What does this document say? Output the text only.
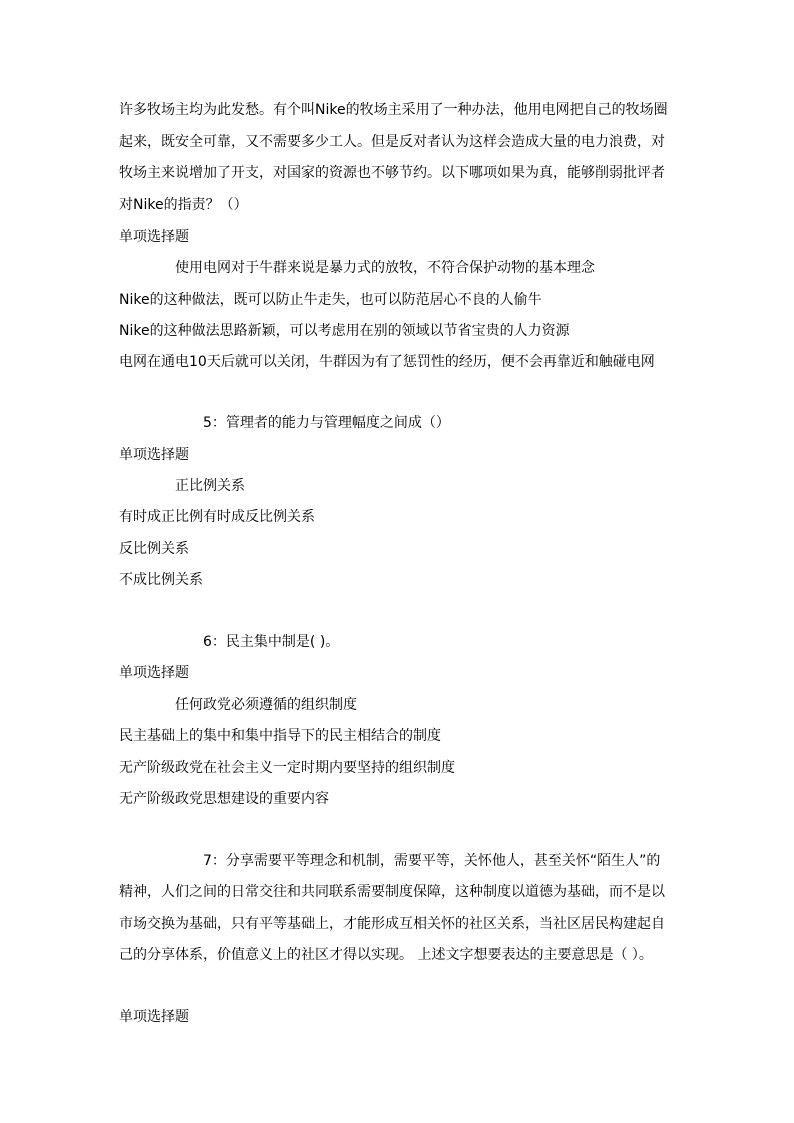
许多牧场主均为此发愁。有个叫Nike的牧场主采用了一种办法，他用电网把自己的牧场圈
起来，既安全可靠，又不需要多少工人。但是反对者认为这样会造成大量的电力浪费，对
牧场主来说增加了开支，对国家的资源也不够节约。以下哪项如果为真，能够削弱批评者
对Nike的指责？（）
单项选择题
使用电网对于牛群来说是暴力式的放牧，不符合保护动物的基本理念
Nike的这种做法，既可以防止牛走失，也可以防范居心不良的人偷牛
Nike的这种做法思路新颖，可以考虑用在别的领域以节省宝贵的人力资源
电网在通电10天后就可以关闭，牛群因为有了惩罚性的经历，便不会再靠近和触碰电网
5：管理者的能力与管理幅度之间成（）
单项选择题
正比例关系
有时成正比例有时成反比例关系
反比例关系
不成比例关系
6：民主集中制是( )。
单项选择题
任何政党必须遵循的组织制度
民主基础上的集中和集中指导下的民主相结合的制度
无产阶级政党在社会主义一定时期内要坚持的组织制度
无产阶级政党思想建设的重要内容
7：分享需要平等理念和机制，需要平等，关怀他人，甚至关怀“陌生人”的
精神，人们之间的日常交往和共同联系需要制度保障，这种制度以道德为基础，而不是以
市场交换为基础，只有平等基础上，才能形成互相关怀的社区关系，当社区居民构建起自
己的分享体系，价值意义上的社区才得以实现。 上述文字想要表达的主要意思是（ ）。
单项选择题
